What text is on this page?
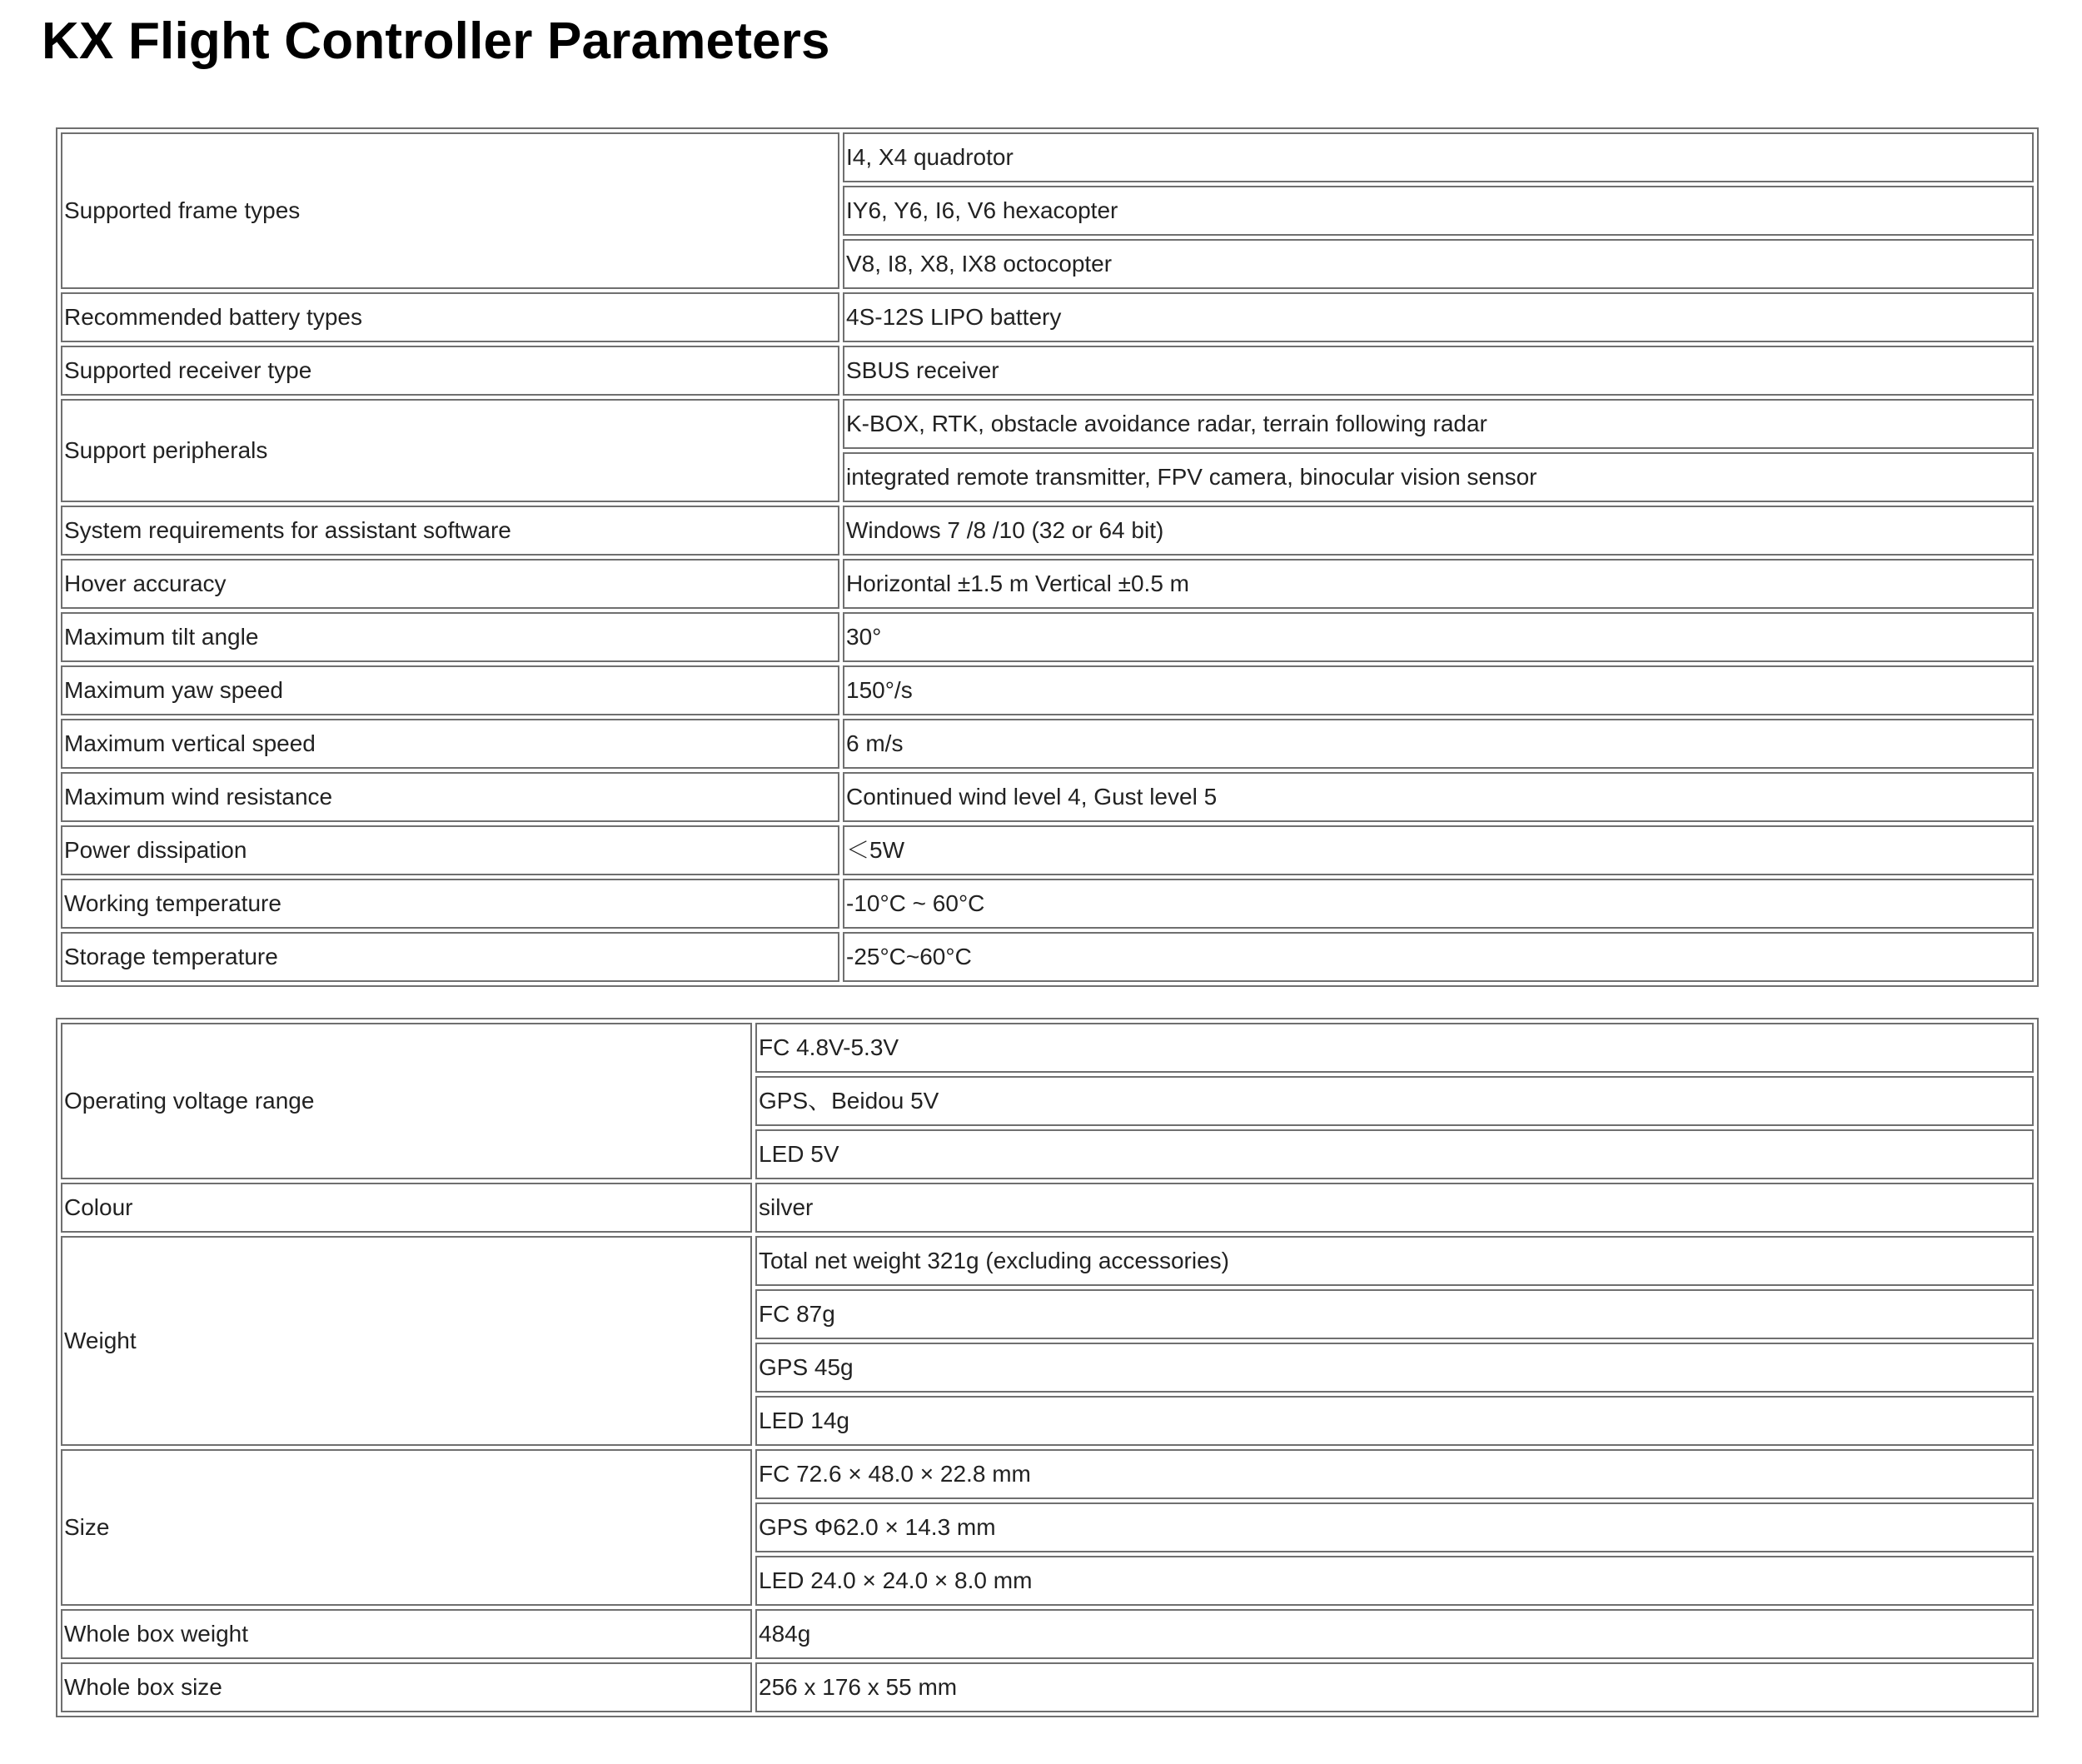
KX Flight Controller Parameters
Supported frame types	I4, X4 quadrotor
	IY6, Y6, I6, V6 hexacopter
	V8, I8, X8, IX8 octocopter
Recommended battery types	4S-12S LIPO battery
Supported receiver type	SBUS receiver
Support peripherals	K-BOX, RTK, obstacle avoidance radar, terrain following radar
	integrated remote transmitter, FPV camera, binocular vision sensor
System requirements for assistant software	Windows 7 /8 /10 (32 or 64 bit)
Hover accuracy	Horizontal ±1.5 m Vertical ±0.5 m
Maximum tilt angle	30°
Maximum yaw speed	150°/s
Maximum vertical speed	6 m/s
Maximum wind resistance	Continued wind level 4, Gust level 5
Power dissipation	＜5W
Working temperature	-10°C ~ 60°C
Storage temperature	-25°C~60°C
Operating voltage range	FC 4.8V-5.3V
	GPS、Beidou 5V
	LED 5V
Colour	silver
Weight	Total net weight 321g (excluding accessories)
	FC 87g
	GPS 45g
	LED 14g
Size	FC 72.6 × 48.0 × 22.8 mm
	GPS Φ62.0 × 14.3 mm
	LED 24.0 × 24.0 × 8.0 mm
Whole box weight	484g
Whole box size	256 x 176 x 55 mm
